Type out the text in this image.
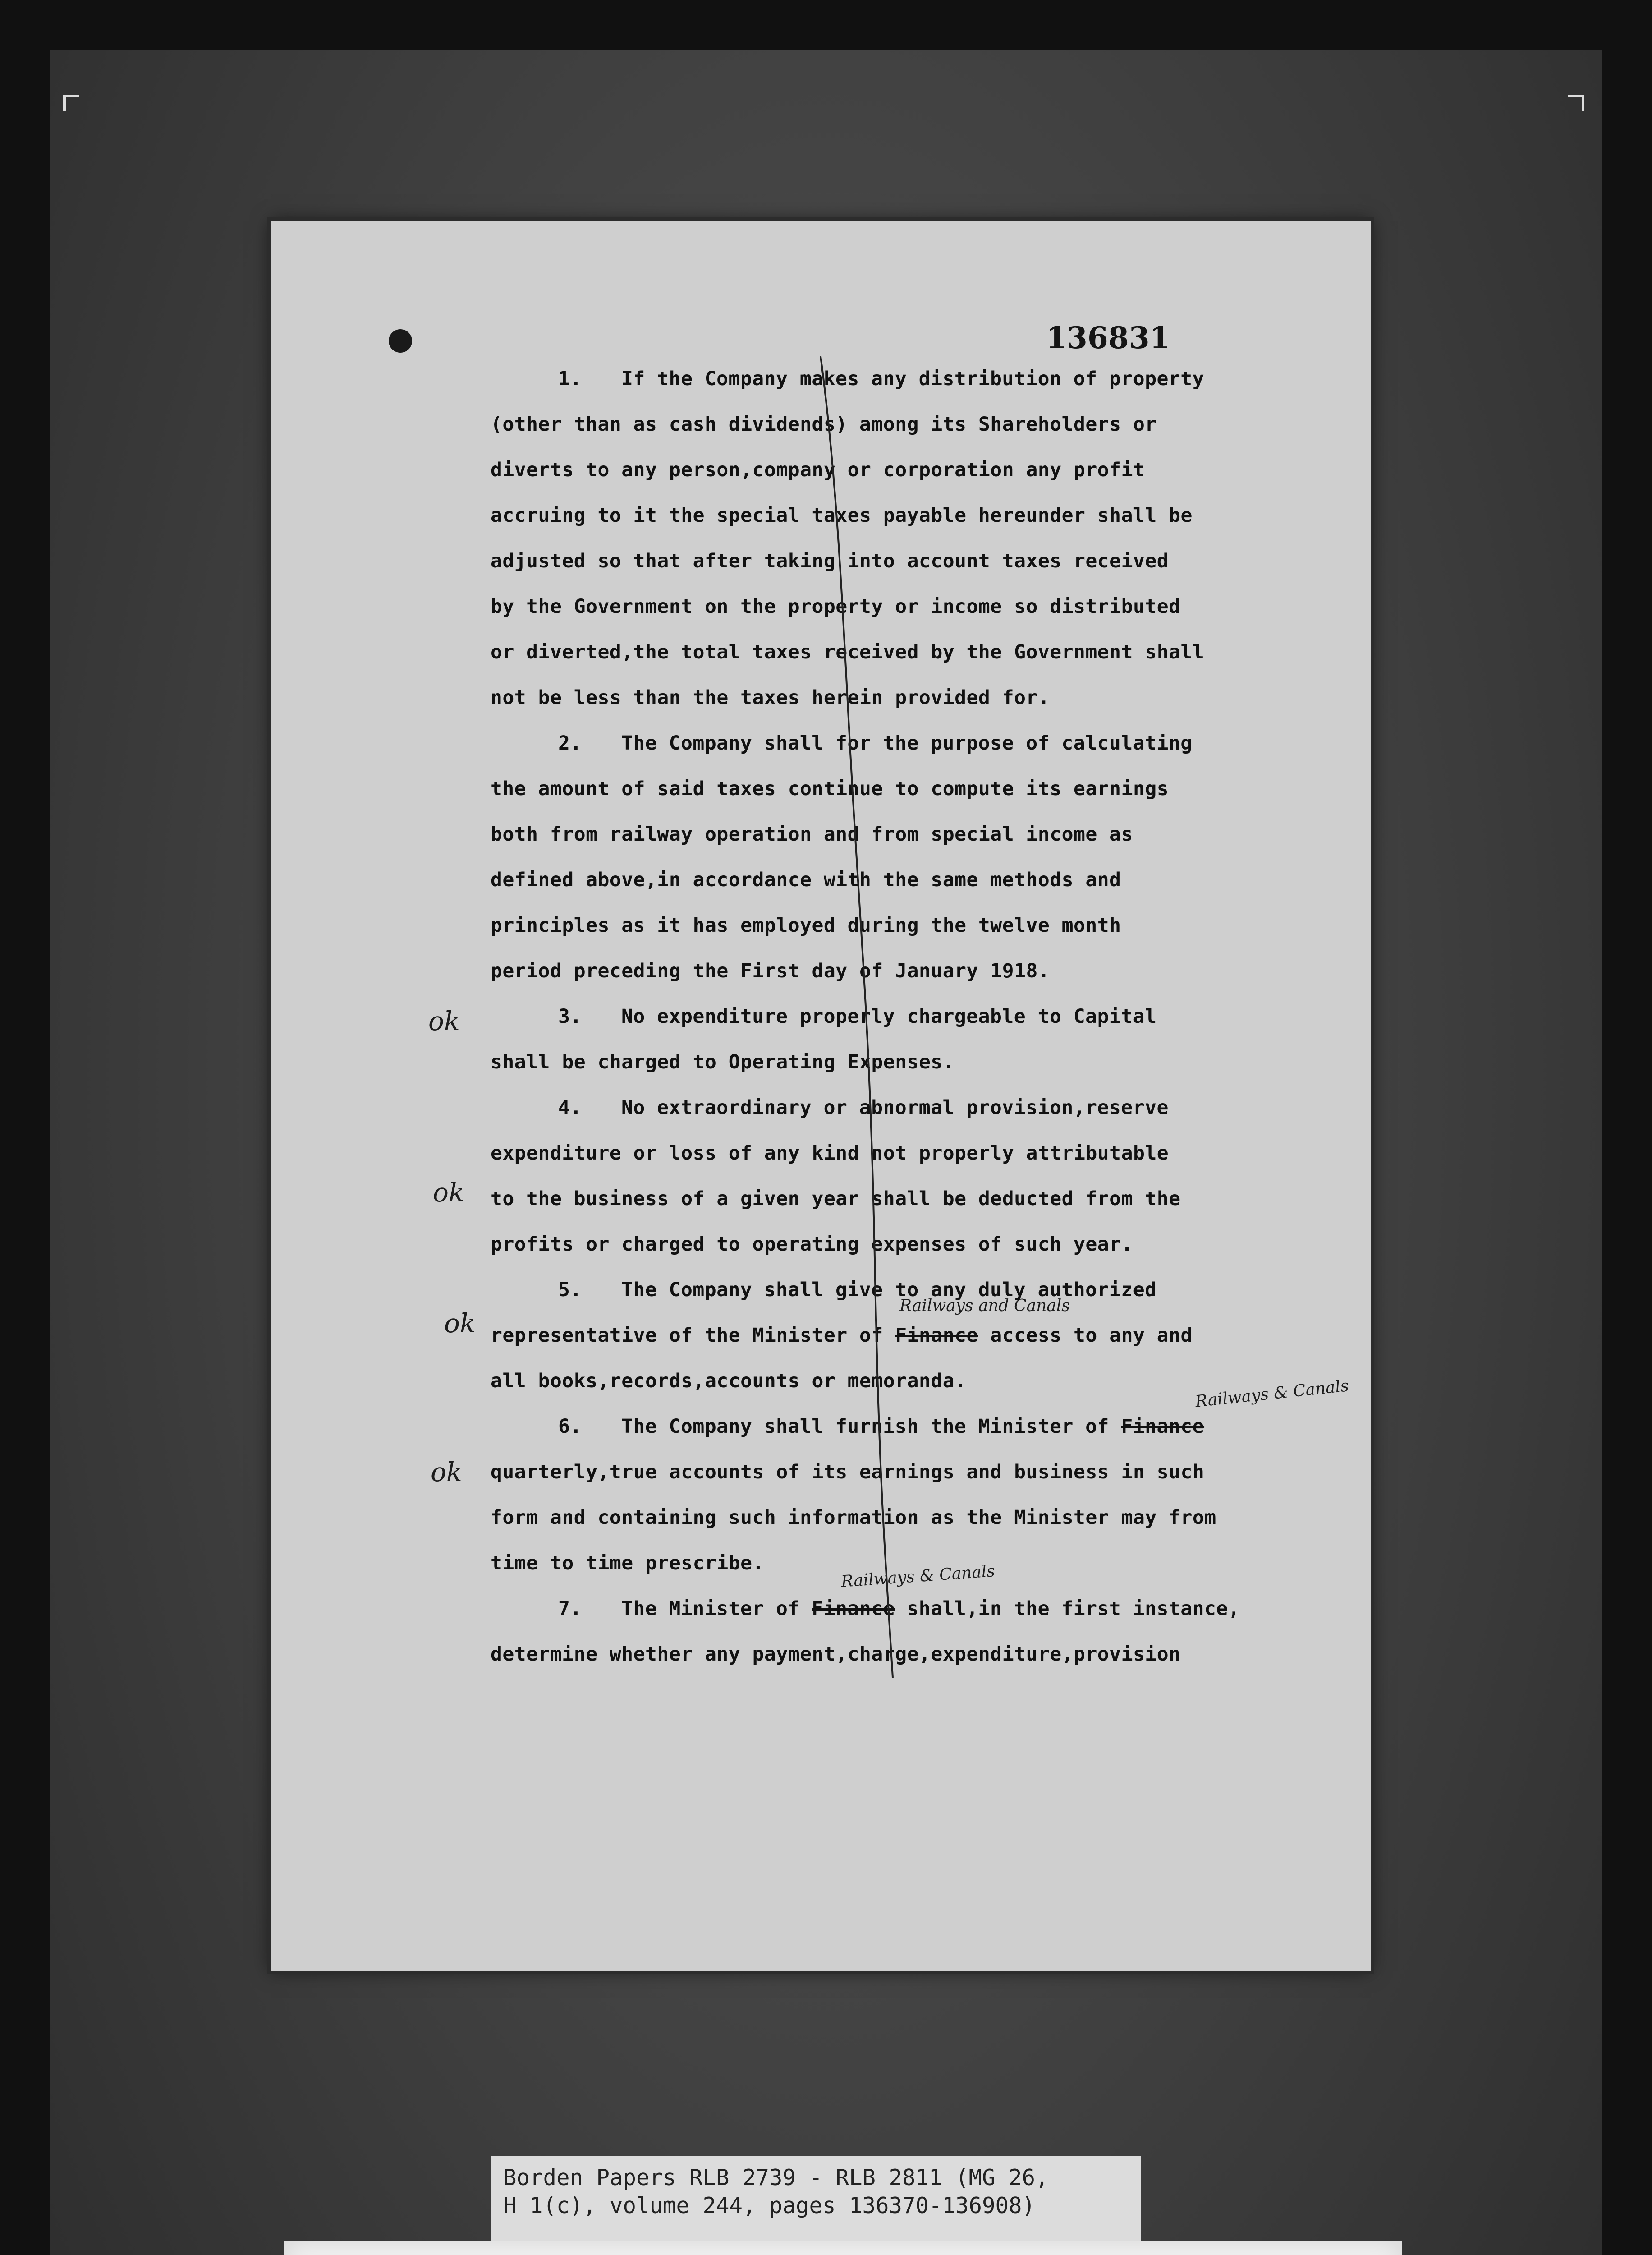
136831
1. If the Company makes any distribution of property
(other than as cash dividends) among its Shareholders or
diverts to any person,company or corporation any profit
accruing to it the special taxes payable hereunder shall be
adjusted so that after taking into account taxes received
by the Government on the property or income so distributed
or diverted,the total taxes received by the Government shall
not be less than the taxes herein provided for.
2. The Company shall for the purpose of calculating
the amount of said taxes continue to compute its earnings
both from railway operation and from special income as
defined above,in accordance with the same methods and
principles as it has employed during the twelve month
period preceding the First day of January 1918.
3. No expenditure properly chargeable to Capital
shall be charged to Operating Expenses.
4. No extraordinary or abnormal provision,reserve
expenditure or loss of any kind not properly attributable
to the business of a given year shall be deducted from the
profits or charged to operating expenses of such year.
5. The Company shall give to any duly authorized
representative of the Minister of Finance access to any and
all books,records,accounts or memoranda.
6. The Company shall furnish the Minister of Finance
quarterly,true accounts of its earnings and business in such
form and containing such information as the Minister may from
time to time prescribe.
7. The Minister of Finance shall,in the first instance,
determine whether any payment,charge,expenditure,provision
ok
ok
ok
ok
Railways and Canals
Railways & Canals
Railways & Canals
Borden Papers RLB 2739 - RLB 2811 (MG 26,
H 1(c), volume 244, pages 136370-136908)
